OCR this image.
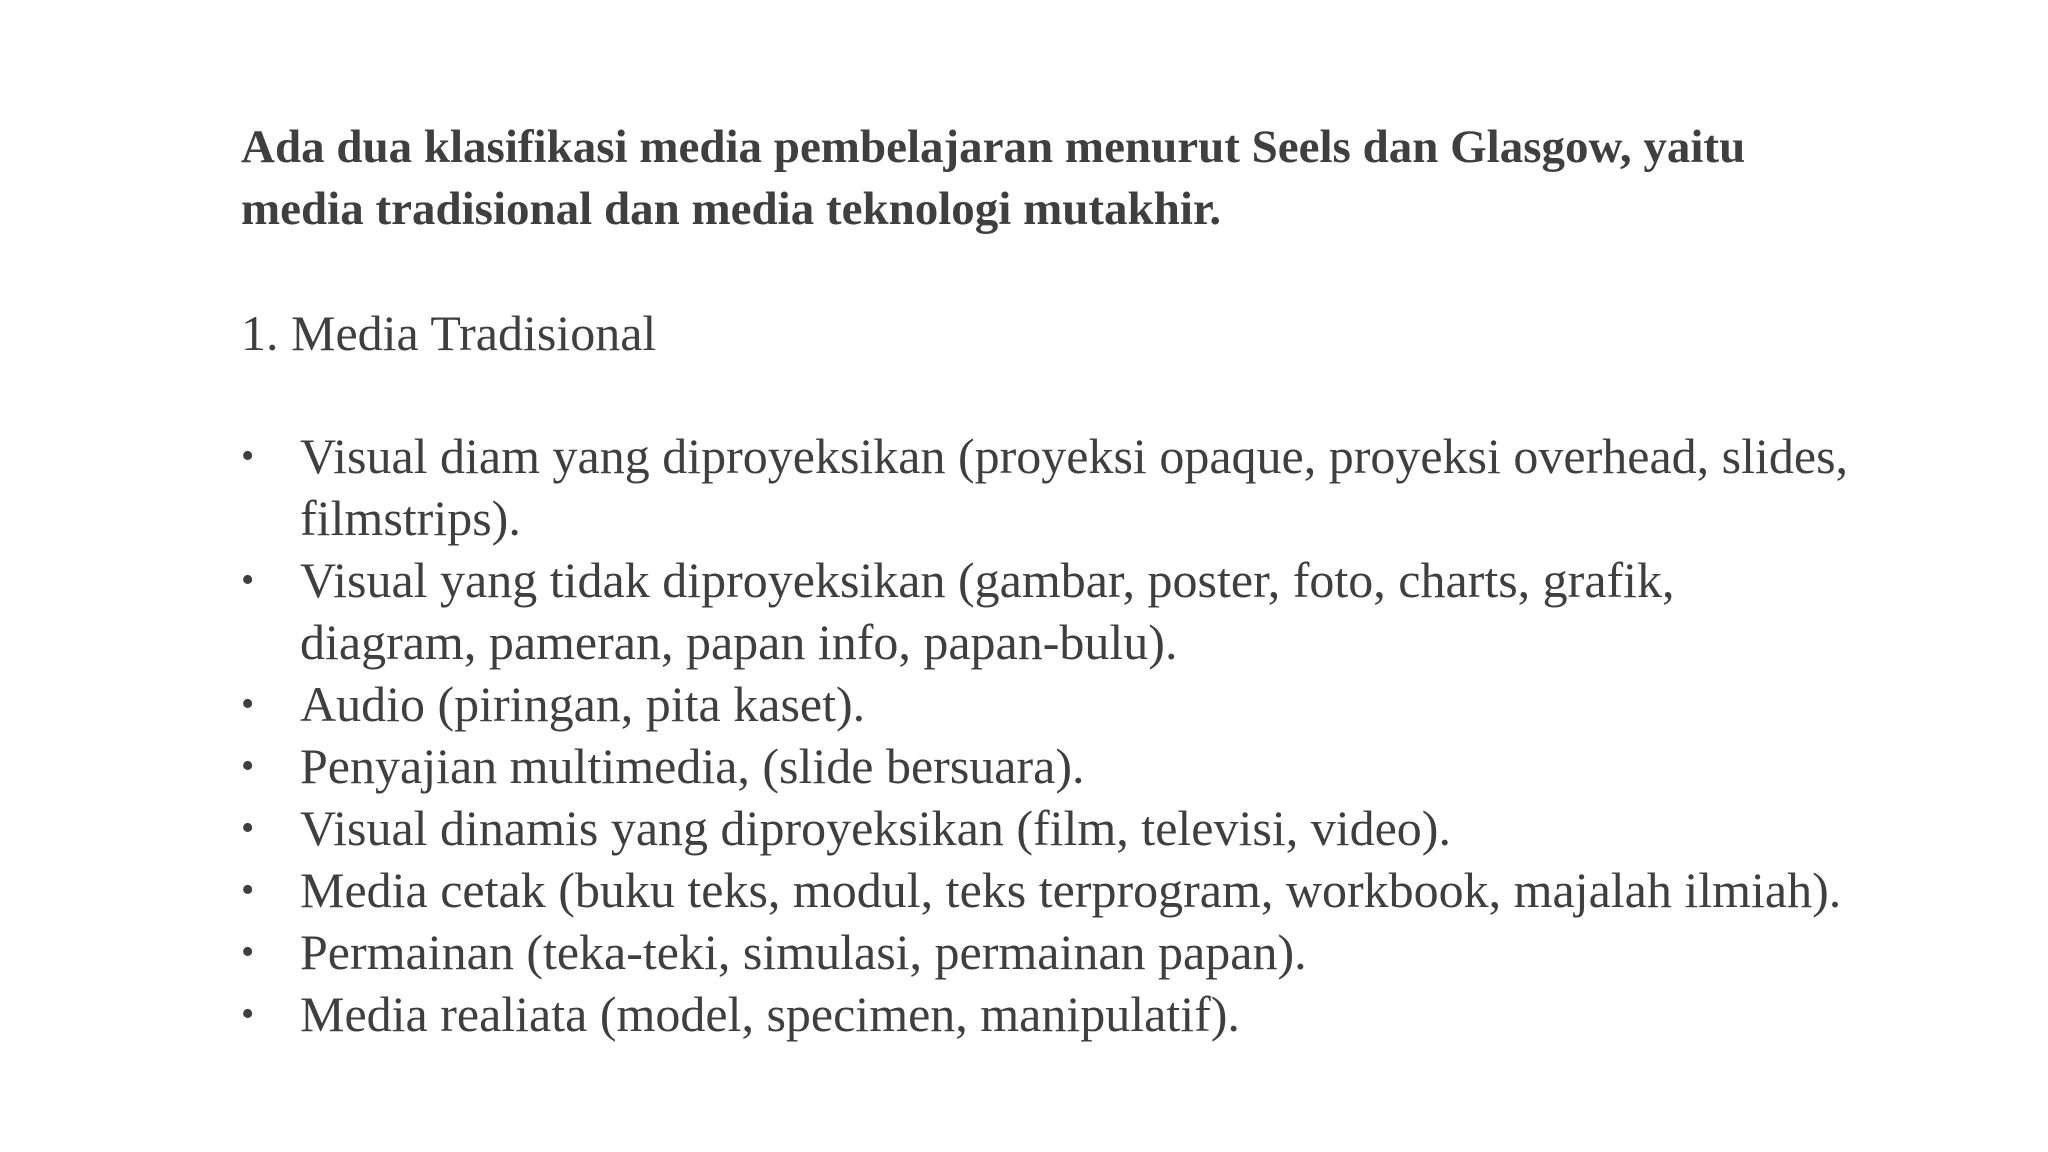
Ada dua klasifikasi media pembelajaran menurut Seels dan Glasgow, yaitu media tradisional dan media teknologi mutakhir.

1. Media Tradisional

• Visual diam yang diproyeksikan (proyeksi opaque, proyeksi overhead, slides, filmstrips).
• Visual yang tidak diproyeksikan (gambar, poster, foto, charts, grafik, diagram, pameran, papan info, papan-bulu).
• Audio (piringan, pita kaset).
• Penyajian multimedia, (slide bersuara).
• Visual dinamis yang diproyeksikan (film, televisi, video).
• Media cetak (buku teks, modul, teks terprogram, workbook, majalah ilmiah).
• Permainan (teka-teki, simulasi, permainan papan).
• Media realiata (model, specimen, manipulatif).
